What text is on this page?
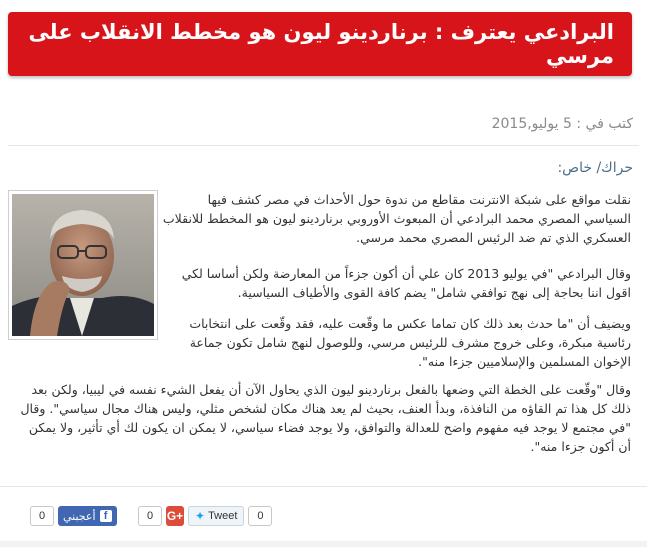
البرادعي يعترف : برناردينو ليون هو مخطط الانقلاب على مرسي
كتب في : 5 يوليو,2015
حراك/ خاص:
نقلت مواقع على شبكة الانترنت مقاطع من ندوة حول الأحداث في مصر كشف فيها السياسي المصري محمد البرادعي أن المبعوث الأوروبي برناردينو ليون هو المخطط للانقلاب العسكري الذي تم ضد الرئيس المصري محمد مرسي.
وقال البرادعي "في يوليو 2013 كان علي أن أكون جزءاً من المعارضة ولكن أساسا لكي اقول اننا بحاجة إلى نهج توافقي شامل" يضم كافة القوى والأطياف السياسية.
ويضيف أن "ما حدث بعد ذلك كان تماما عكس ما وقّعت عليه، فقد وقّعت على انتخابات رئاسية مبكرة، وعلى خروج مشرف للرئيس مرسي، وللوصول لنهج شامل تكون جماعة الإخوان المسلمين والإسلاميين جزءا منه".
وقال "وقّعت على الخطة التي وضعها بالفعل برناردينو ليون الذي يحاول الآن أن يفعل الشيء نفسه في ليبيا، ولكن بعد ذلك كل هذا تم القاؤه من النافذة، وبدأ العنف، بحيث لم يعد هناك مكان لشخص مثلي، وليس هناك مجال سياسي". وقال "في مجتمع لا يوجد فيه مفهوم واضح للعدالة والتوافق، ولا يوجد فضاء سياسي، لا يمكن ان يكون لك أي تأثير، ولا يمكن أن أكون جزءا منه".
0	f
أعجبني	0	G+ ✦ Tweet	0
